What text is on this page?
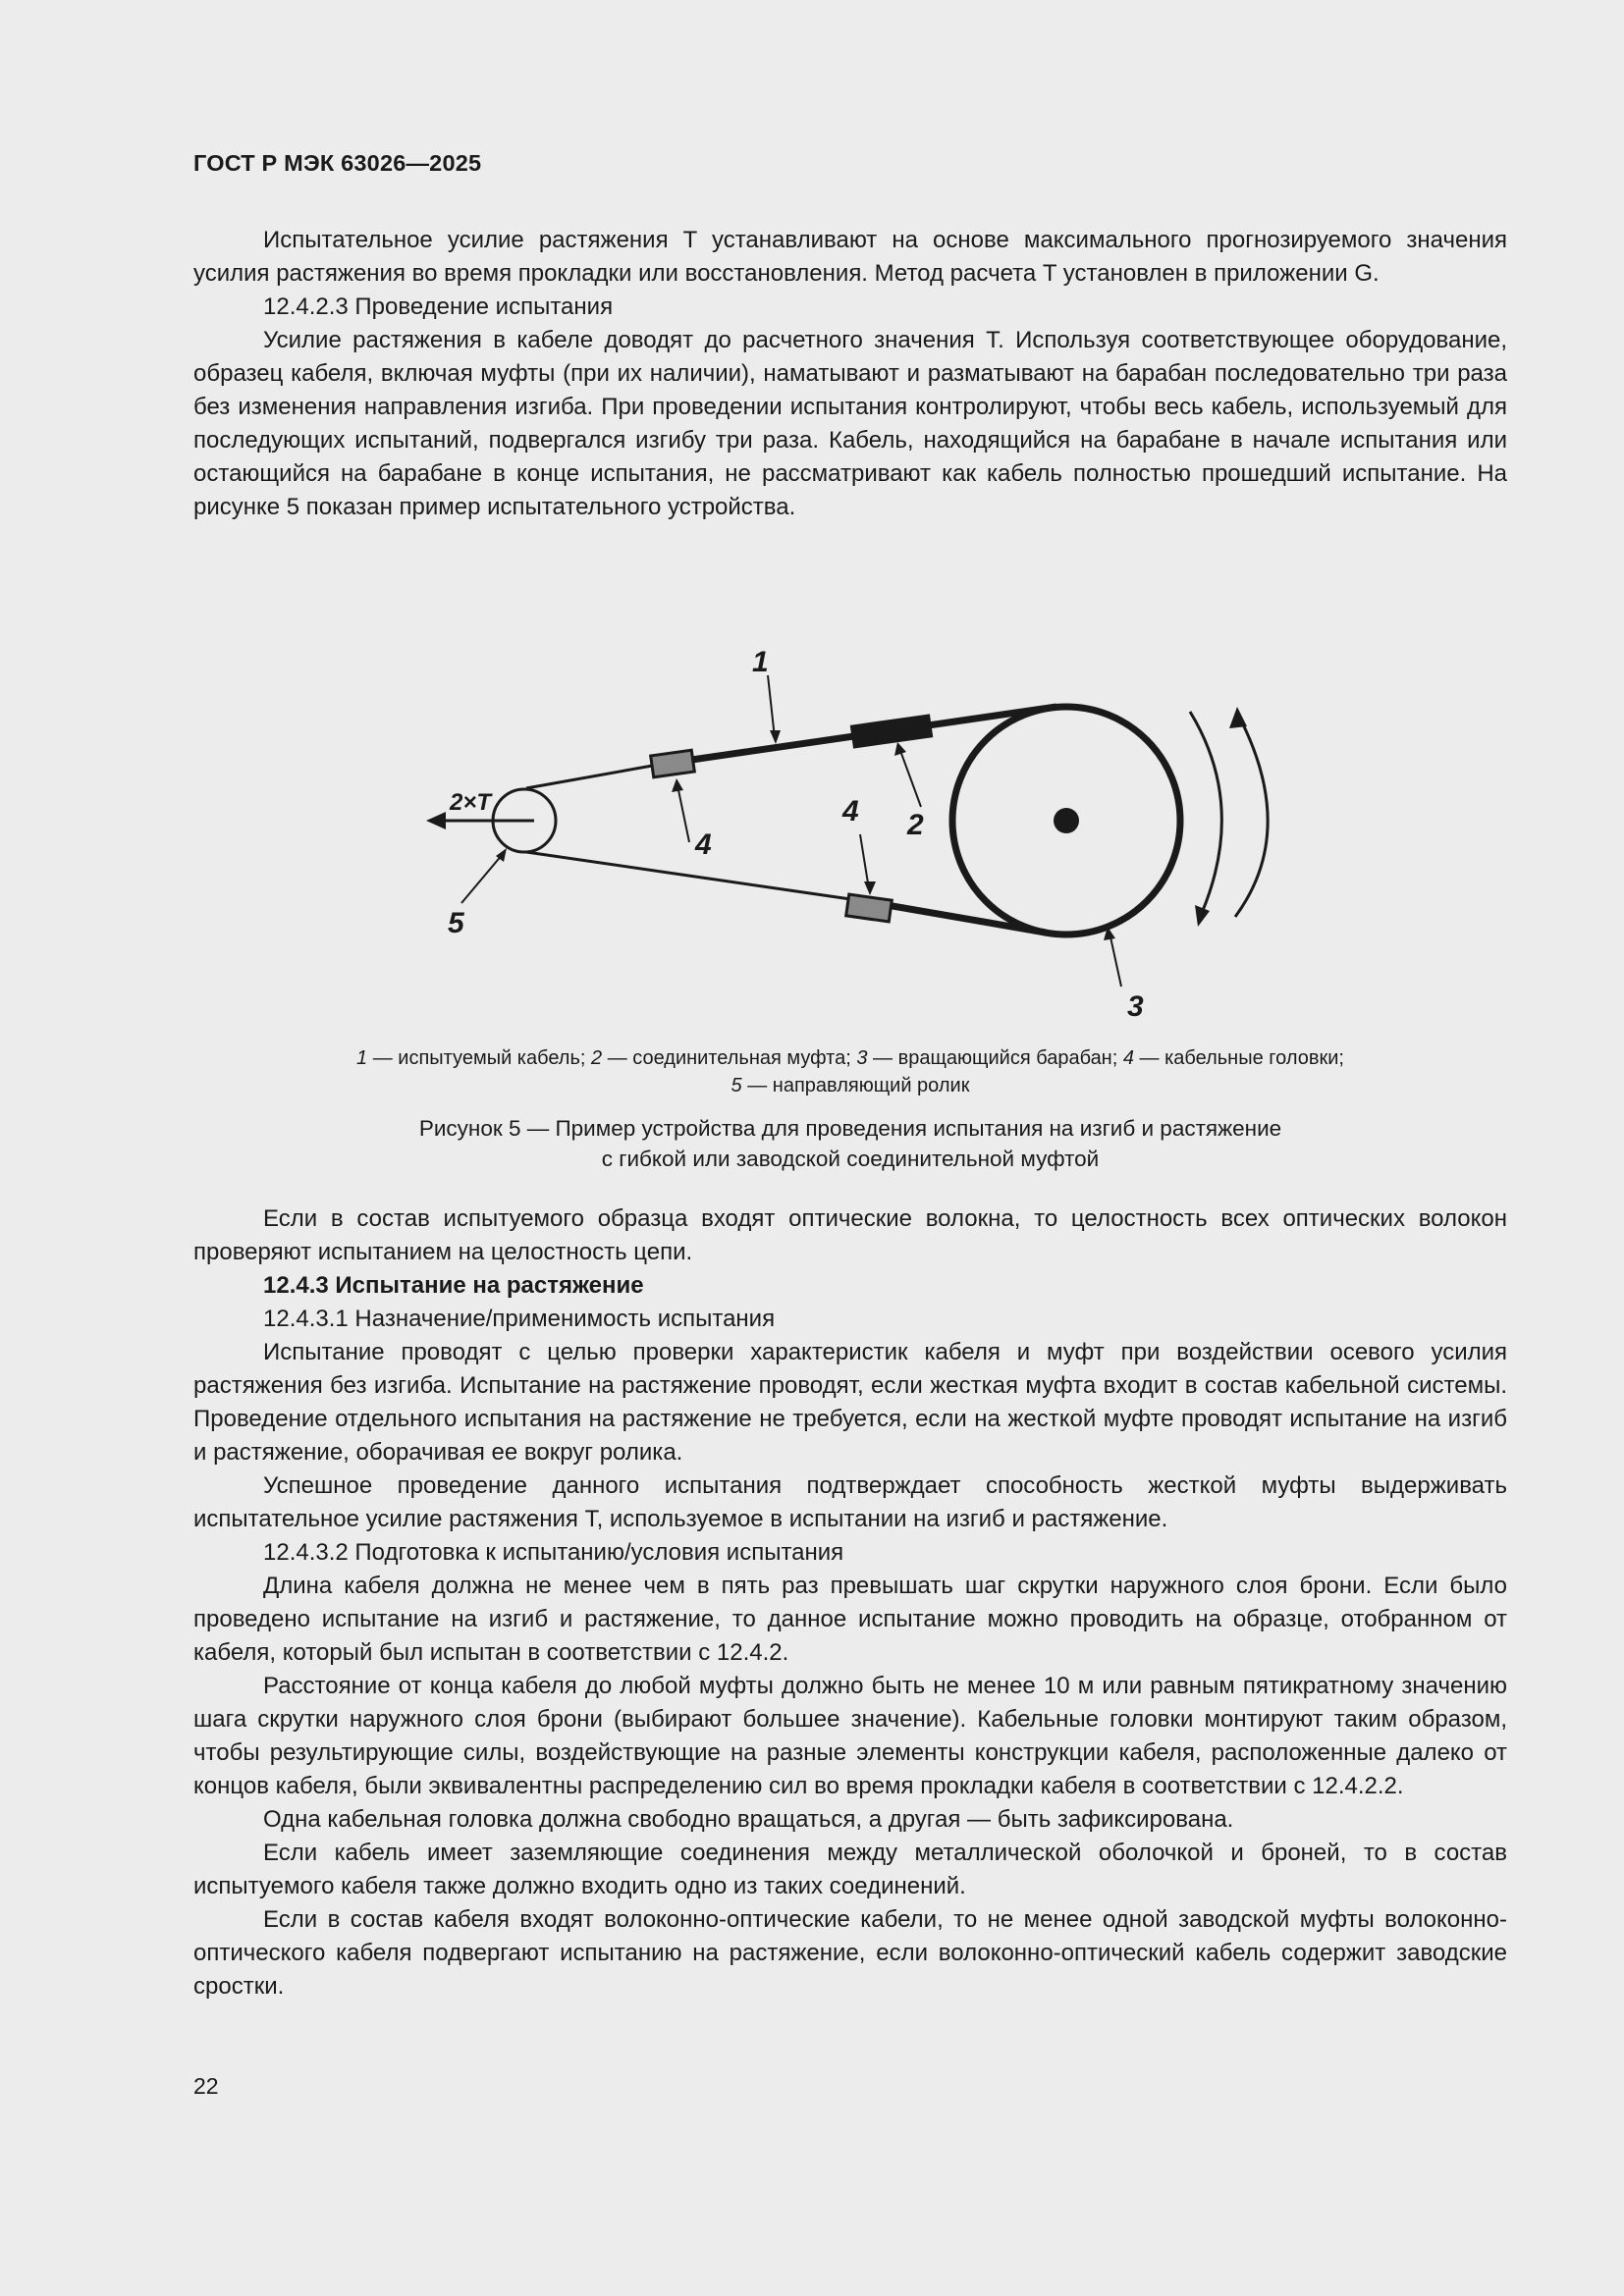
ГОСТ Р МЭК 63026—2025

Испытательное усилие растяжения T устанавливают на основе максимального прогнозируемого значения усилия растяжения во время прокладки или восстановления. Метод расчета T установлен в приложении G.

12.4.2.3 Проведение испытания

Усилие растяжения в кабеле доводят до расчетного значения T. Используя соответствующее оборудование, образец кабеля, включая муфты (при их наличии), наматывают и разматывают на барабан последовательно три раза без изменения направления изгиба. При проведении испытания контролируют, чтобы весь кабель, используемый для последующих испытаний, подвергался изгибу три раза. Кабель, находящийся на барабане в начале испытания или остающийся на барабане в конце испытания, не рассматривают как кабель полностью прошедший испытание. На рисунке 5 показан пример испытательного устройства.

2×T
1
2
4
4
3
5
1 — испытуемый кабель; 2 — соединительная муфта; 3 — вращающийся барабан; 4 — кабельные головки;
5 — направляющий ролик
Рисунок 5 — Пример устройства для проведения испытания на изгиб и растяжение
с гибкой или заводской соединительной муфтой

Если в состав испытуемого образца входят оптические волокна, то целостность всех оптических волокон проверяют испытанием на целостность цепи.

12.4.3 Испытание на растяжение

12.4.3.1 Назначение/применимость испытания

Испытание проводят с целью проверки характеристик кабеля и муфт при воздействии осевого усилия растяжения без изгиба. Испытание на растяжение проводят, если жесткая муфта входит в состав кабельной системы. Проведение отдельного испытания на растяжение не требуется, если на жесткой муфте проводят испытание на изгиб и растяжение, оборачивая ее вокруг ролика.

Успешное проведение данного испытания подтверждает способность жесткой муфты выдерживать испытательное усилие растяжения T, используемое в испытании на изгиб и растяжение.

12.4.3.2 Подготовка к испытанию/условия испытания

Длина кабеля должна не менее чем в пять раз превышать шаг скрутки наружного слоя брони. Если было проведено испытание на изгиб и растяжение, то данное испытание можно проводить на образце, отобранном от кабеля, который был испытан в соответствии с 12.4.2.

Расстояние от конца кабеля до любой муфты должно быть не менее 10 м или равным пятикратному значению шага скрутки наружного слоя брони (выбирают большее значение). Кабельные головки монтируют таким образом, чтобы результирующие силы, воздействующие на разные элементы конструкции кабеля, расположенные далеко от концов кабеля, были эквивалентны распределению сил во время прокладки кабеля в соответствии с 12.4.2.2.

Одна кабельная головка должна свободно вращаться, а другая — быть зафиксирована.

Если кабель имеет заземляющие соединения между металлической оболочкой и броней, то в состав испытуемого кабеля также должно входить одно из таких соединений.

Если в состав кабеля входят волоконно-оптические кабели, то не менее одной заводской муфты волоконно-оптического кабеля подвергают испытанию на растяжение, если волоконно-оптический кабель содержит заводские сростки.

22
